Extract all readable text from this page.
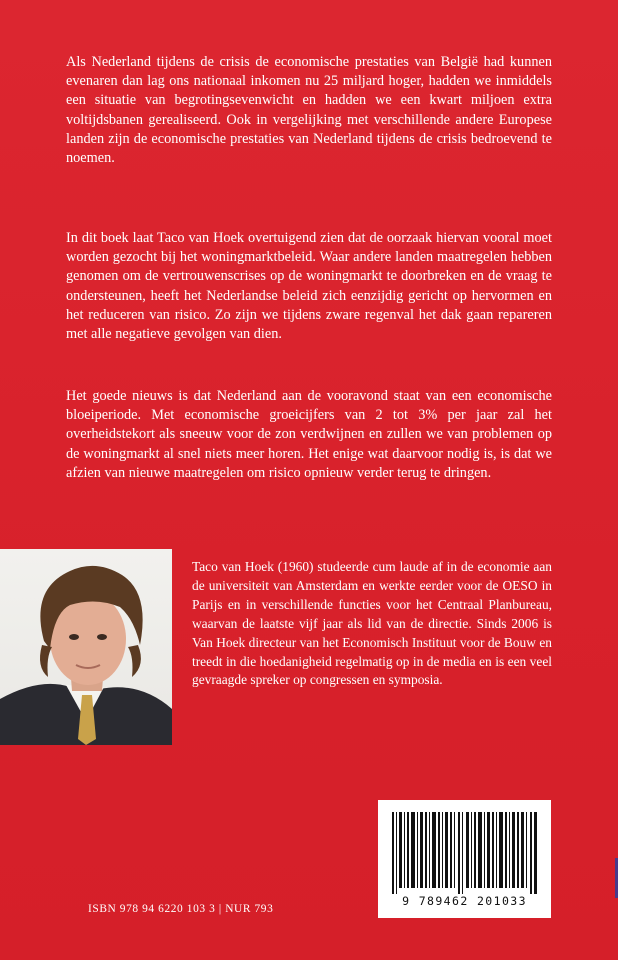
Als Nederland tijdens de crisis de economische prestaties van België had kunnen evenaren dan lag ons nationaal inkomen nu 25 miljard hoger, hadden we inmiddels een situatie van begrotingsevenwicht en hadden we een kwart miljoen extra voltijdsbanen gerealiseerd. Ook in vergelijking met verschillende andere Europese landen zijn de economische prestaties van Nederland tijdens de crisis bedroevend te noemen.

In dit boek laat Taco van Hoek overtuigend zien dat de oorzaak hiervan vooral moet worden gezocht bij het woningmarktbeleid. Waar andere landen maatregelen hebben genomen om de vertrouwenscrises op de woningmarkt te doorbreken en de vraag te ondersteunen, heeft het Nederlandse beleid zich eenzijdig gericht op hervormen en het reduceren van risico. Zo zijn we tijdens zware regenval het dak gaan repareren met alle negatieve gevolgen van dien.

Het goede nieuws is dat Nederland aan de vooravond staat van een economische bloeiperiode. Met economische groeicijfers van 2 tot 3% per jaar zal het overheidstekort als sneeuw voor de zon verdwijnen en zullen we van problemen op de woningmarkt al snel niets meer horen. Het enige wat daarvoor nodig is, is dat we afzien van nieuwe maatregelen om risico opnieuw verder terug te dringen.

Taco van Hoek (1960) studeerde cum laude af in de economie aan de universiteit van Amsterdam en werkte eerder voor de OESO in Parijs en in verschillende functies voor het Centraal Planbureau, waarvan de laatste vijf jaar als lid van de directie. Sinds 2006 is Van Hoek directeur van het Economisch Instituut voor de Bouw en treedt in die hoedanigheid regelmatig op in de media en is een veel gevraagde spreker op congressen en symposia.

9 789462 201033
ISBN 978 94 6220 103 3 | NUR 793
